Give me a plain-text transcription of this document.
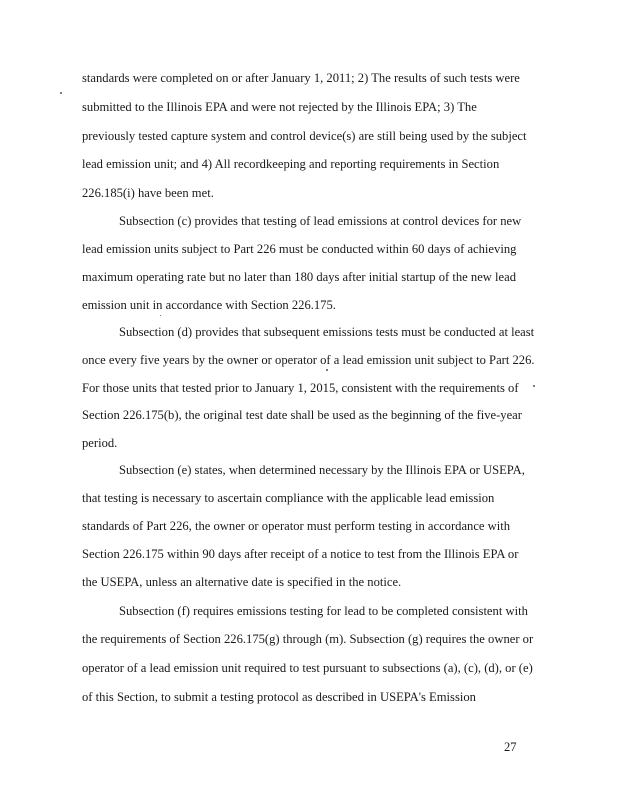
standards were completed on or after January 1, 2011; 2) The results of such tests were
submitted to the Illinois EPA and were not rejected by the Illinois EPA; 3) The
previously tested capture system and control device(s) are still being used by the subject
lead emission unit; and 4) All recordkeeping and reporting requirements in Section
226.185(i) have been met.
Subsection (c) provides that testing of lead emissions at control devices for new
lead emission units subject to Part 226 must be conducted within 60 days of achieving
maximum operating rate but no later than 180 days after initial startup of the new lead
emission unit in accordance with Section 226.175.
Subsection (d) provides that subsequent emissions tests must be conducted at least
once every five years by the owner or operator of a lead emission unit subject to Part 226.
For those units that tested prior to January 1, 2015, consistent with the requirements of
Section 226.175(b), the original test date shall be used as the beginning of the five-year
period.
Subsection (e) states, when determined necessary by the Illinois EPA or USEPA,
that testing is necessary to ascertain compliance with the applicable lead emission
standards of Part 226, the owner or operator must perform testing in accordance with
Section 226.175 within 90 days after receipt of a notice to test from the Illinois EPA or
the USEPA, unless an alternative date is specified in the notice.
Subsection (f) requires emissions testing for lead to be completed consistent with
the requirements of Section 226.175(g) through (m). Subsection (g) requires the owner or
operator of a lead emission unit required to test pursuant to subsections (a), (c), (d), or (e)
of this Section, to submit a testing protocol as described in USEPA's Emission
27
